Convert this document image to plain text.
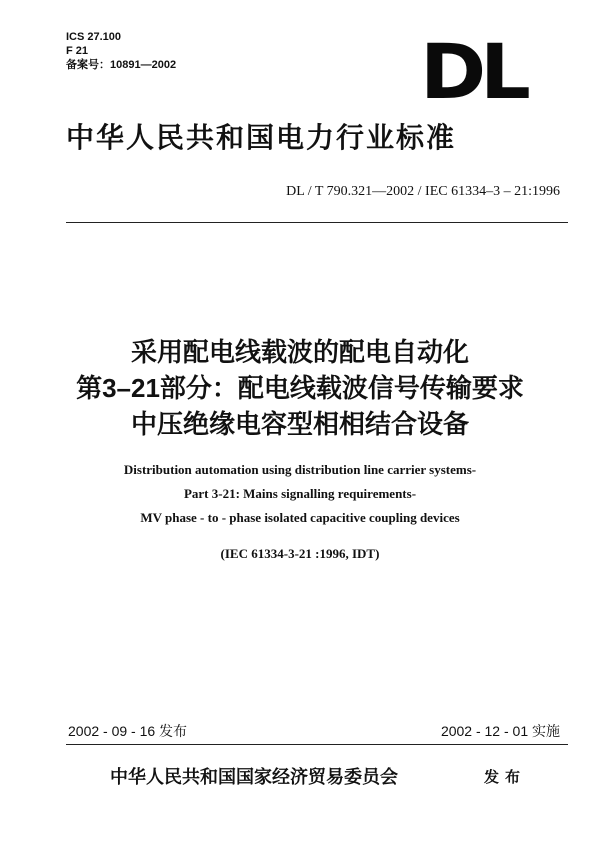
ICS 27.100
F 21
备案号：10891—2002	DL
中华人民共和国电力行业标准
DL / T 790.321—2002 / IEC 61334–3 – 21:1996
采用配电线载波的配电自动化
第3–21部分：配电线载波信号传输要求
中压绝缘电容型相相结合设备
Distribution automation using distribution line carrier systems-
Part 3-21: Mains signalling requirements-
MV phase - to - phase isolated capacitive coupling devices
(IEC 61334-3-21 :1996, IDT)
2002 - 09 - 16 发布	2002 - 12 - 01 实施
中华人民共和国国家经济贸易委员会	发布
